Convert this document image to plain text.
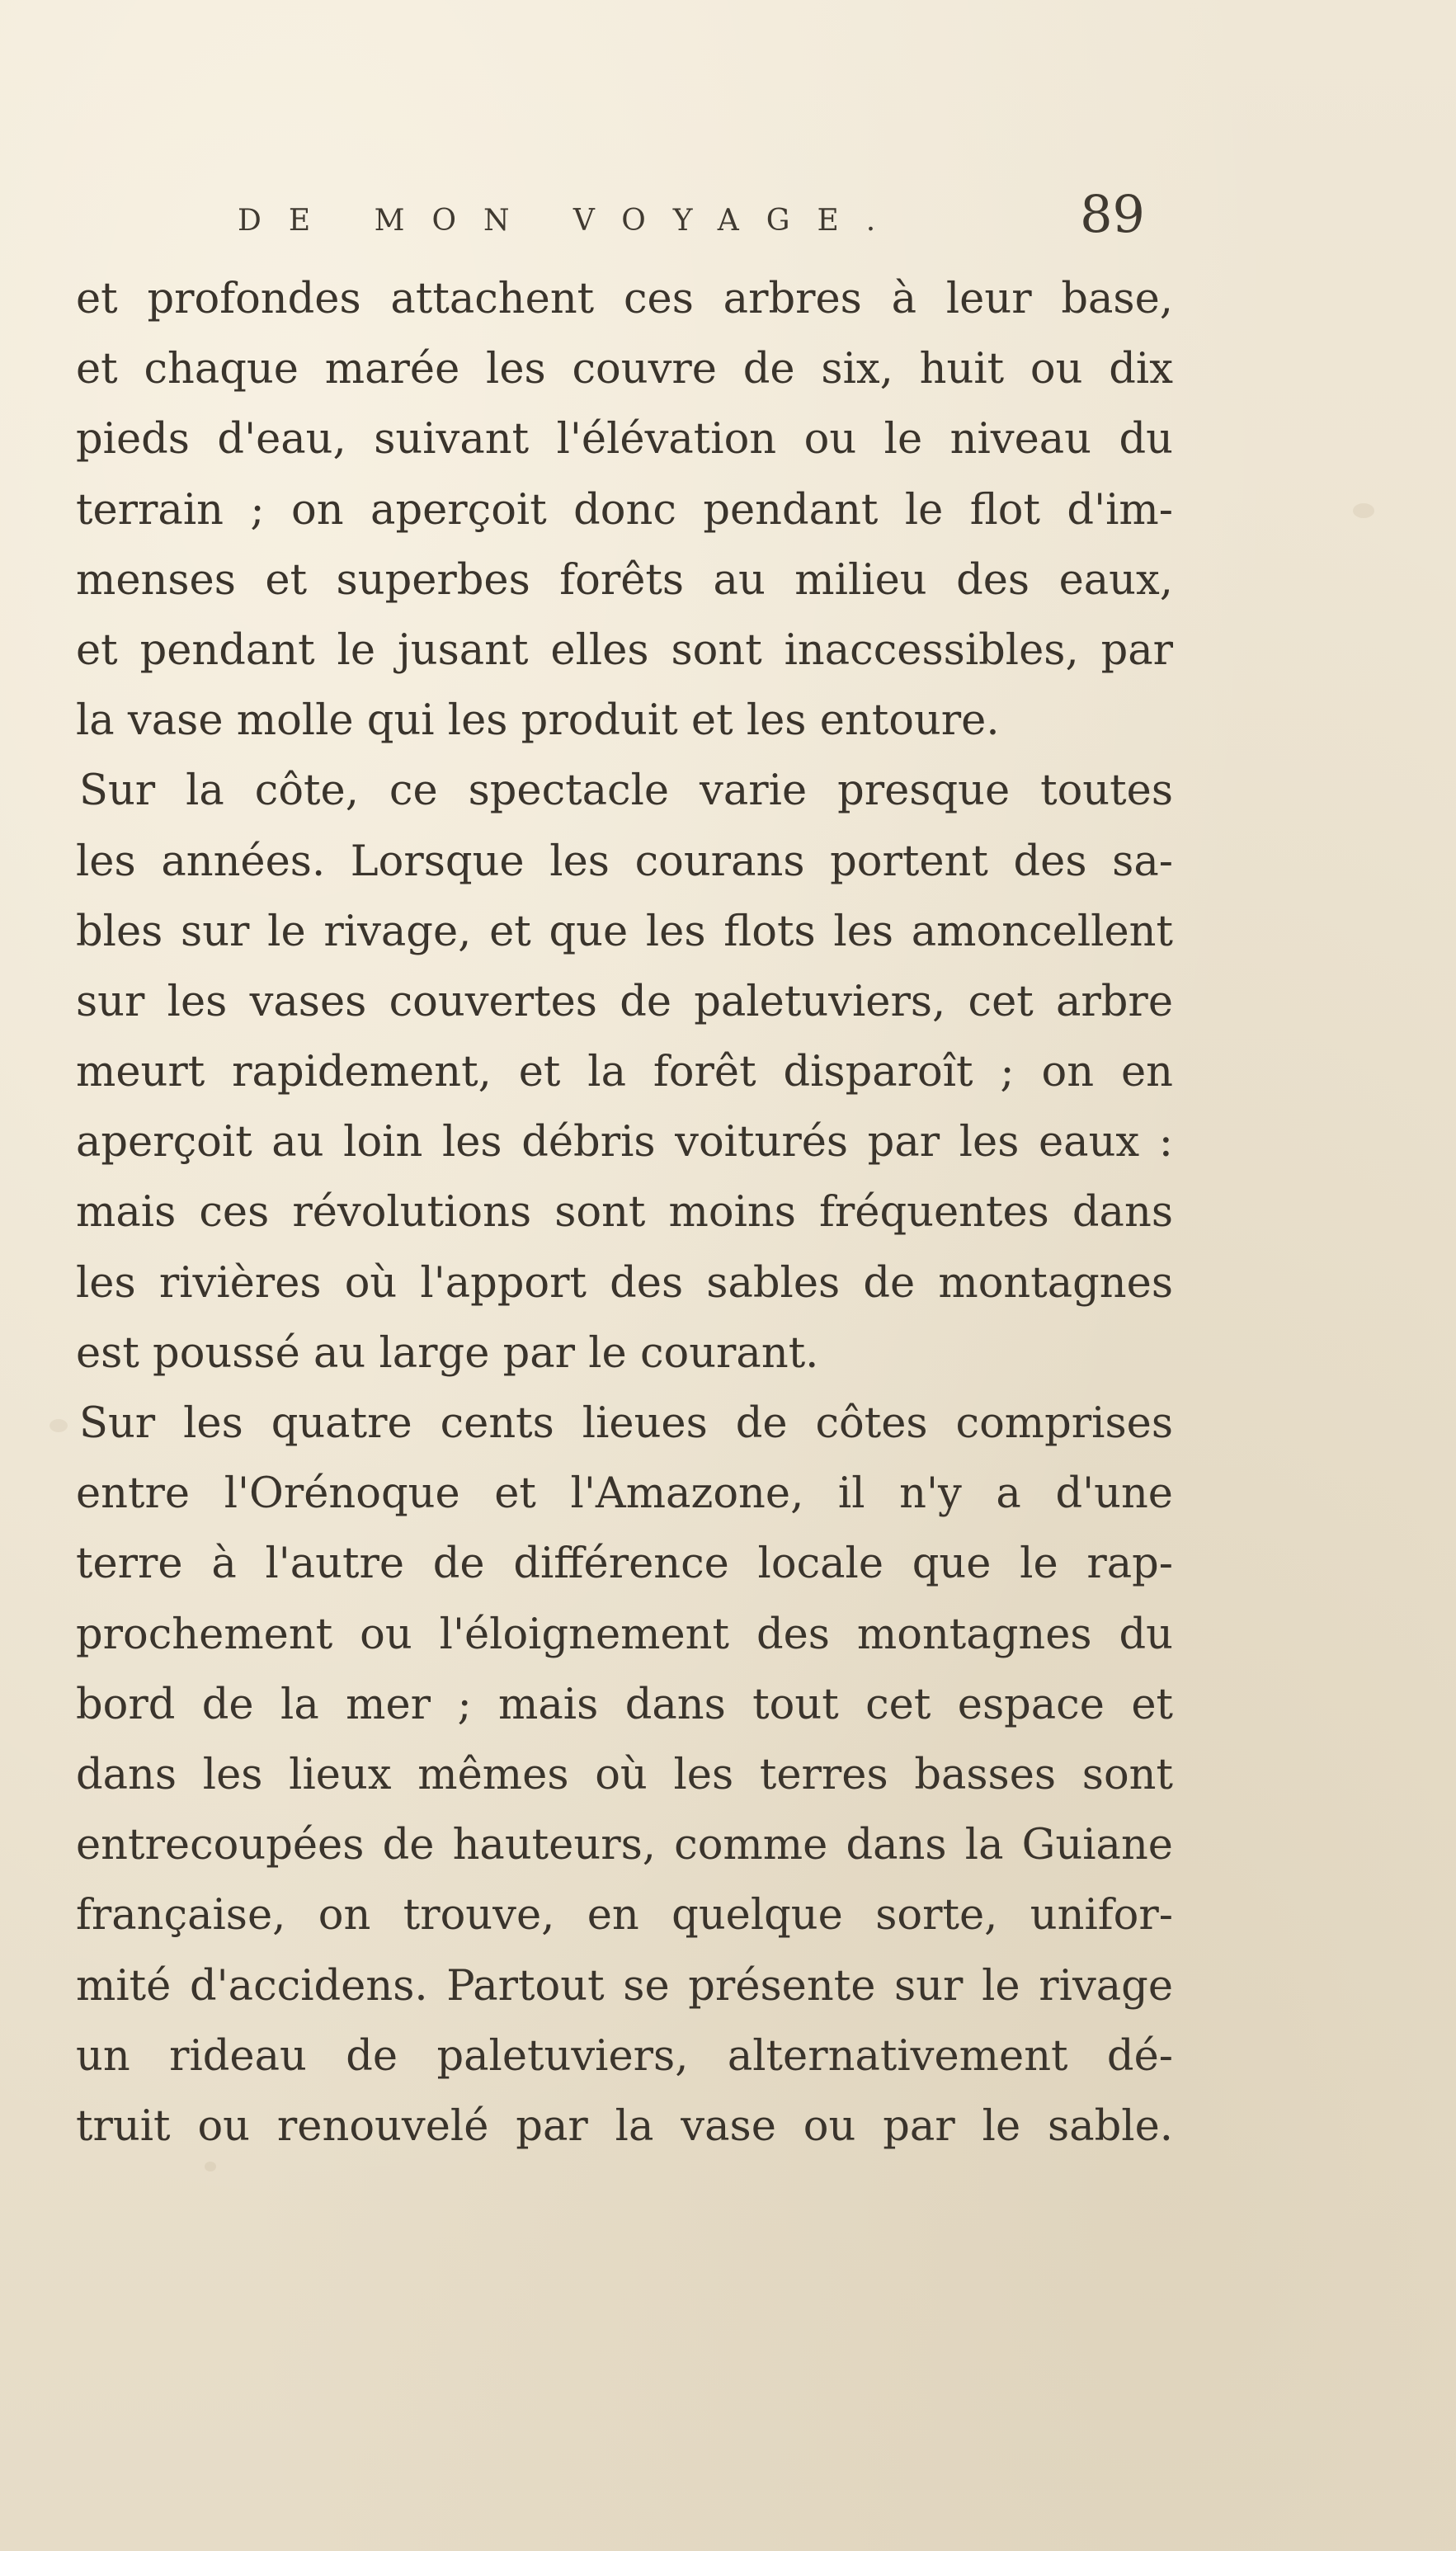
DE MON VOYAGE.	89
et profondes attachent ces arbres à leur base,
et chaque marée les couvre de six, huit ou dix
pieds d'eau, suivant l'élévation ou le niveau du
terrain ; on aperçoit donc pendant le flot d'im-
menses et superbes forêts au milieu des eaux,
et pendant le jusant elles sont inaccessibles, par
la vase molle qui les produit et les entoure.
Sur la côte, ce spectacle varie presque toutes
les années. Lorsque les courans portent des sa-
bles sur le rivage, et que les flots les amoncellent
sur les vases couvertes de paletuviers, cet arbre
meurt rapidement, et la forêt disparoît ; on en
aperçoit au loin les débris voiturés par les eaux :
mais ces révolutions sont moins fréquentes dans
les rivières où l'apport des sables de montagnes
est poussé au large par le courant.
Sur les quatre cents lieues de côtes comprises
entre l'Orénoque et l'Amazone, il n'y a d'une
terre à l'autre de différence locale que le rap-
prochement ou l'éloignement des montagnes du
bord de la mer ; mais dans tout cet espace et
dans les lieux mêmes où les terres basses sont
entrecoupées de hauteurs, comme dans la Guiane
française, on trouve, en quelque sorte, unifor-
mité d'accidens. Partout se présente sur le rivage
un rideau de paletuviers, alternativement dé-
truit ou renouvelé par la vase ou par le sable.
